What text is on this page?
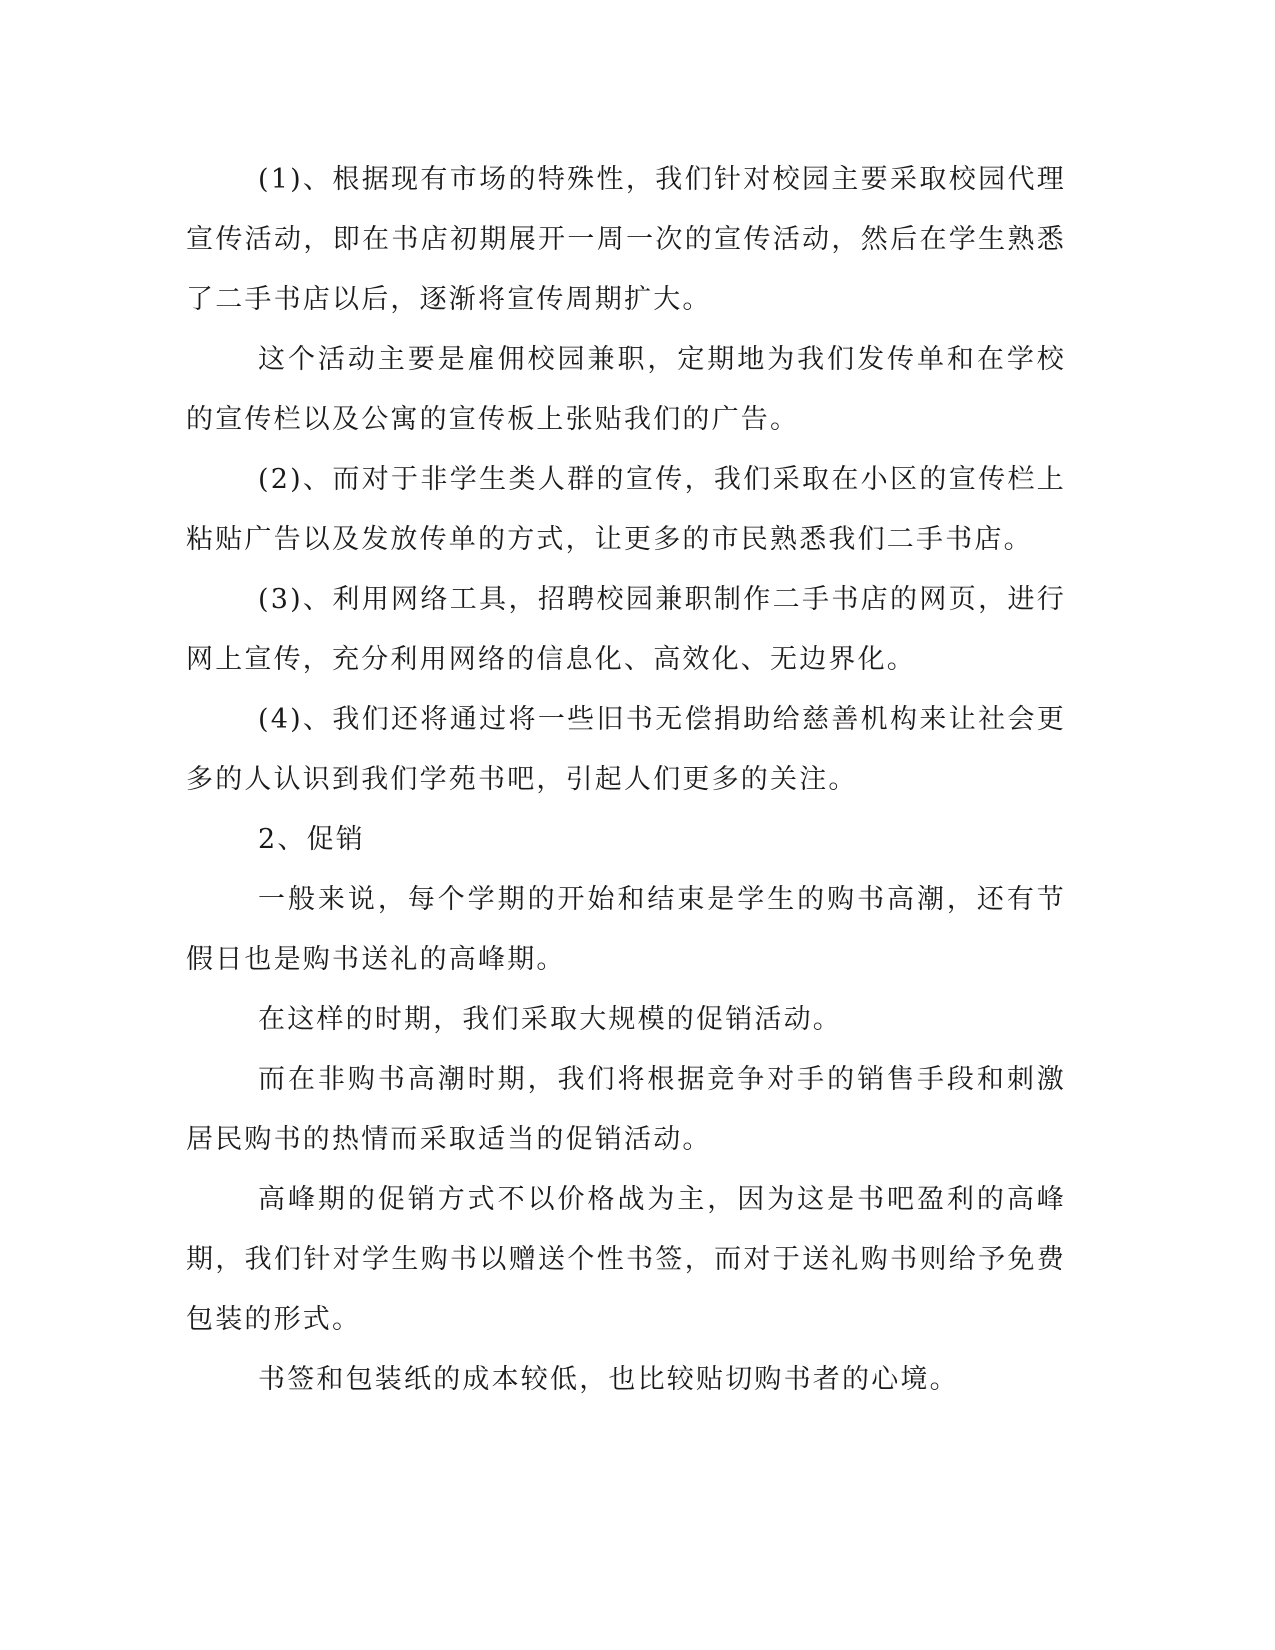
(1)、根据现有市场的特殊性，我们针对校园主要采取校园代理宣传活动，即在书店初期展开一周一次的宣传活动，然后在学生熟悉了二手书店以后，逐渐将宣传周期扩大。

这个活动主要是雇佣校园兼职，定期地为我们发传单和在学校的宣传栏以及公寓的宣传板上张贴我们的广告。

(2)、而对于非学生类人群的宣传，我们采取在小区的宣传栏上粘贴广告以及发放传单的方式，让更多的市民熟悉我们二手书店。

(3)、利用网络工具，招聘校园兼职制作二手书店的网页，进行网上宣传，充分利用网络的信息化、高效化、无边界化。

(4)、我们还将通过将一些旧书无偿捐助给慈善机构来让社会更多的人认识到我们学苑书吧，引起人们更多的关注。

2、促销

一般来说，每个学期的开始和结束是学生的购书高潮，还有节假日也是购书送礼的高峰期。

在这样的时期，我们采取大规模的促销活动。

而在非购书高潮时期，我们将根据竞争对手的销售手段和刺激居民购书的热情而采取适当的促销活动。

高峰期的促销方式不以价格战为主，因为这是书吧盈利的高峰期，我们针对学生购书以赠送个性书签，而对于送礼购书则给予免费包装的形式。

书签和包装纸的成本较低，也比较贴切购书者的心境。
